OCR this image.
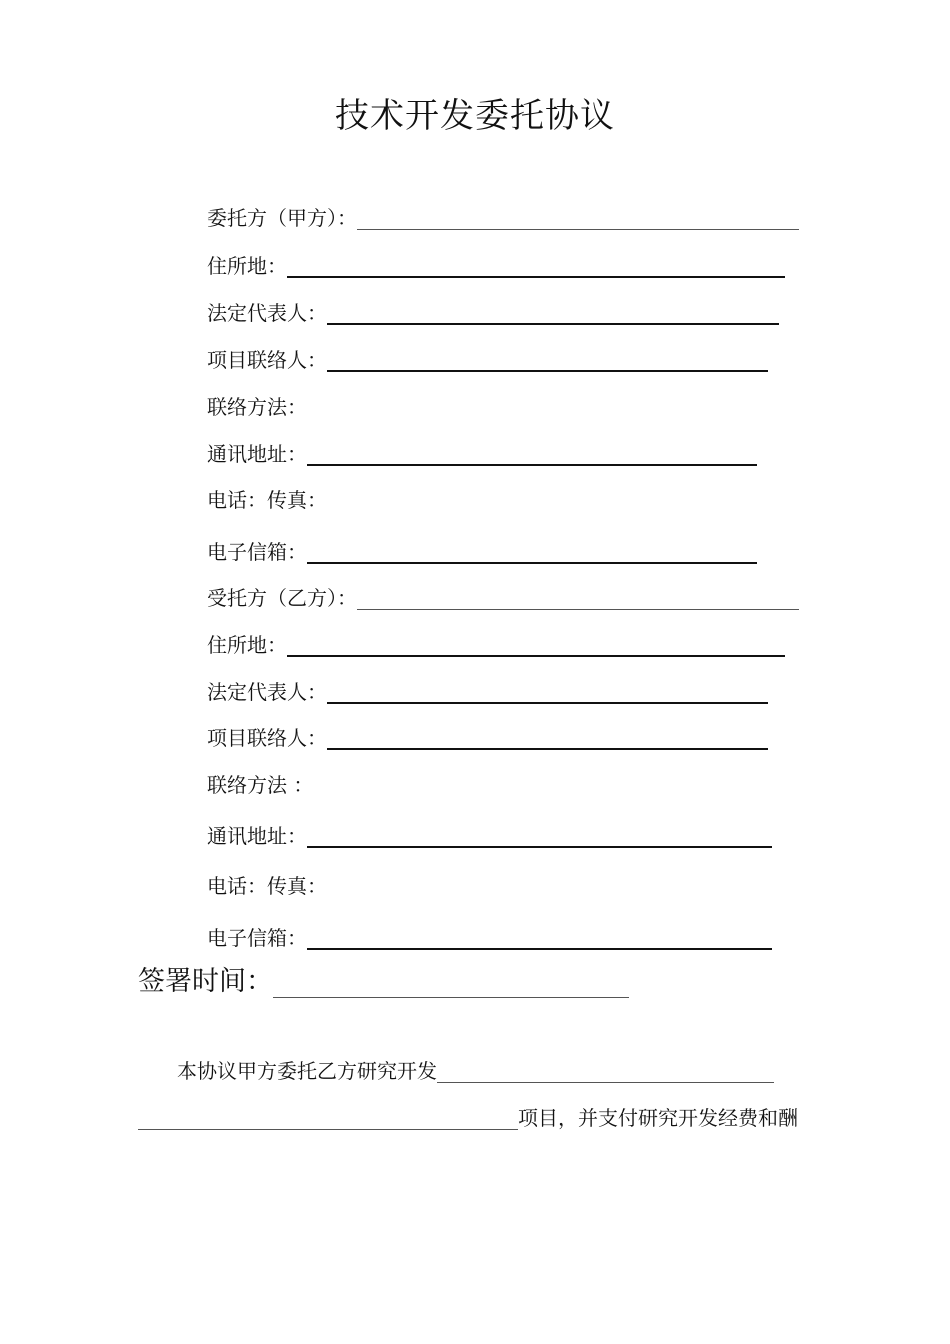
技术开发委托协议
委托方（甲方）：
住所地：
法定代表人：
项目联络人：
联络方法：
通讯地址：
电话：传真：
电子信箱：
受托方（乙方）：
住所地：
法定代表人：
项目联络人：
联络方法 ：
通讯地址：
电话：传真：
电子信箱：
签署时间：
本协议甲方委托乙方研究开发
项目，并支付研究开发经费和酬
